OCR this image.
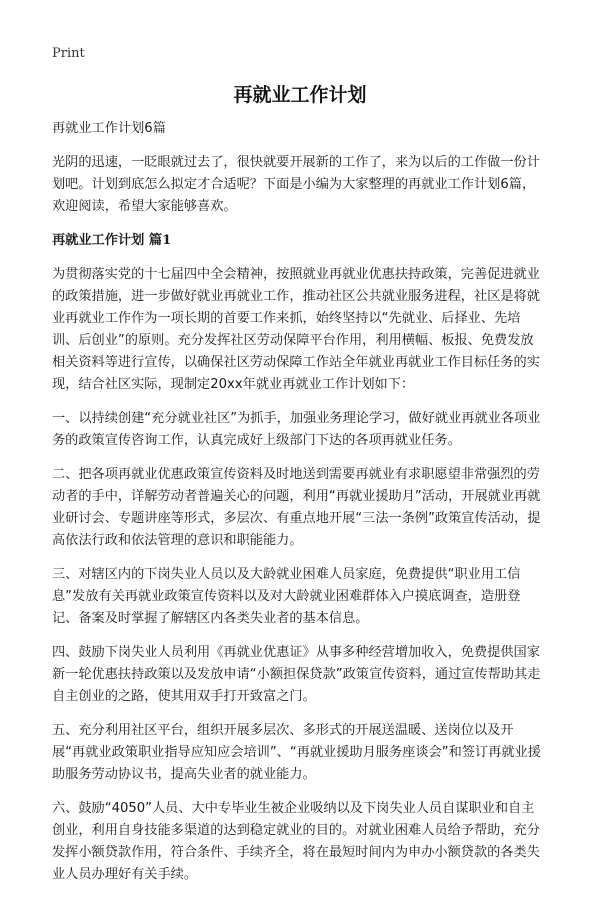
Print
再就业工作计划

再就业工作计划6篇

光阴的迅速，一眨眼就过去了，很快就要开展新的工作了，来为以后的工作做一份计划吧。计划到底怎么拟定才合适呢？下面是小编为大家整理的再就业工作计划6篇，欢迎阅读，希望大家能够喜欢。

再就业工作计划 篇1

为贯彻落实党的十七届四中全会精神，按照就业再就业优惠扶持政策，完善促进就业的政策措施，进一步做好就业再就业工作，推动社区公共就业服务进程，社区是将就业再就业工作作为一项长期的首要工作来抓，始终坚持以“先就业、后择业、先培训、后创业”的原则。充分发挥社区劳动保障平台作用，利用横幅、板报、免费发放相关资料等进行宣传，以确保社区劳动保障工作站全年就业再就业工作目标任务的实现，结合社区实际，现制定20xx年就业再就业工作计划如下：

一、以持续创建“充分就业社区”为抓手，加强业务理论学习，做好就业再就业各项业务的政策宣传咨询工作，认真完成好上级部门下达的各项再就业任务。

二、把各项再就业优惠政策宣传资料及时地送到需要再就业有求职愿望非常强烈的劳动者的手中，详解劳动者普遍关心的问题，利用“再就业援助月”活动，开展就业再就业研讨会、专题讲座等形式，多层次、有重点地开展“三法一条例”政策宣传活动，提高依法行政和依法管理的意识和职能能力。

三、对辖区内的下岗失业人员以及大龄就业困难人员家庭，免费提供“职业用工信息”发放有关再就业政策宣传资料以及对大龄就业困难群体入户摸底调查，造册登记、备案及时掌握了解辖区内各类失业者的基本信息。

四、鼓励下岗失业人员利用《再就业优惠证》从事多种经营增加收入，免费提供国家新一轮优惠扶持政策以及发放申请“小额担保贷款”政策宣传资料，通过宣传帮助其走自主创业的之路，使其用双手打开致富之门。

五、充分利用社区平台，组织开展多层次、多形式的开展送温暖、送岗位以及开展“再就业政策职业指导应知应会培训”、“再就业援助月服务座谈会”和签订再就业援助服务劳动协议书，提高失业者的就业能力。

六、鼓励“4050”人员、大中专毕业生被企业吸纳以及下岗失业人员自谋职业和自主创业，利用自身技能多渠道的达到稳定就业的目的。对就业困难人员给予帮助，充分发挥小额贷款作用，符合条件、手续齐全，将在最短时间内为申办小额贷款的各类失业人员办理好有关手续。
